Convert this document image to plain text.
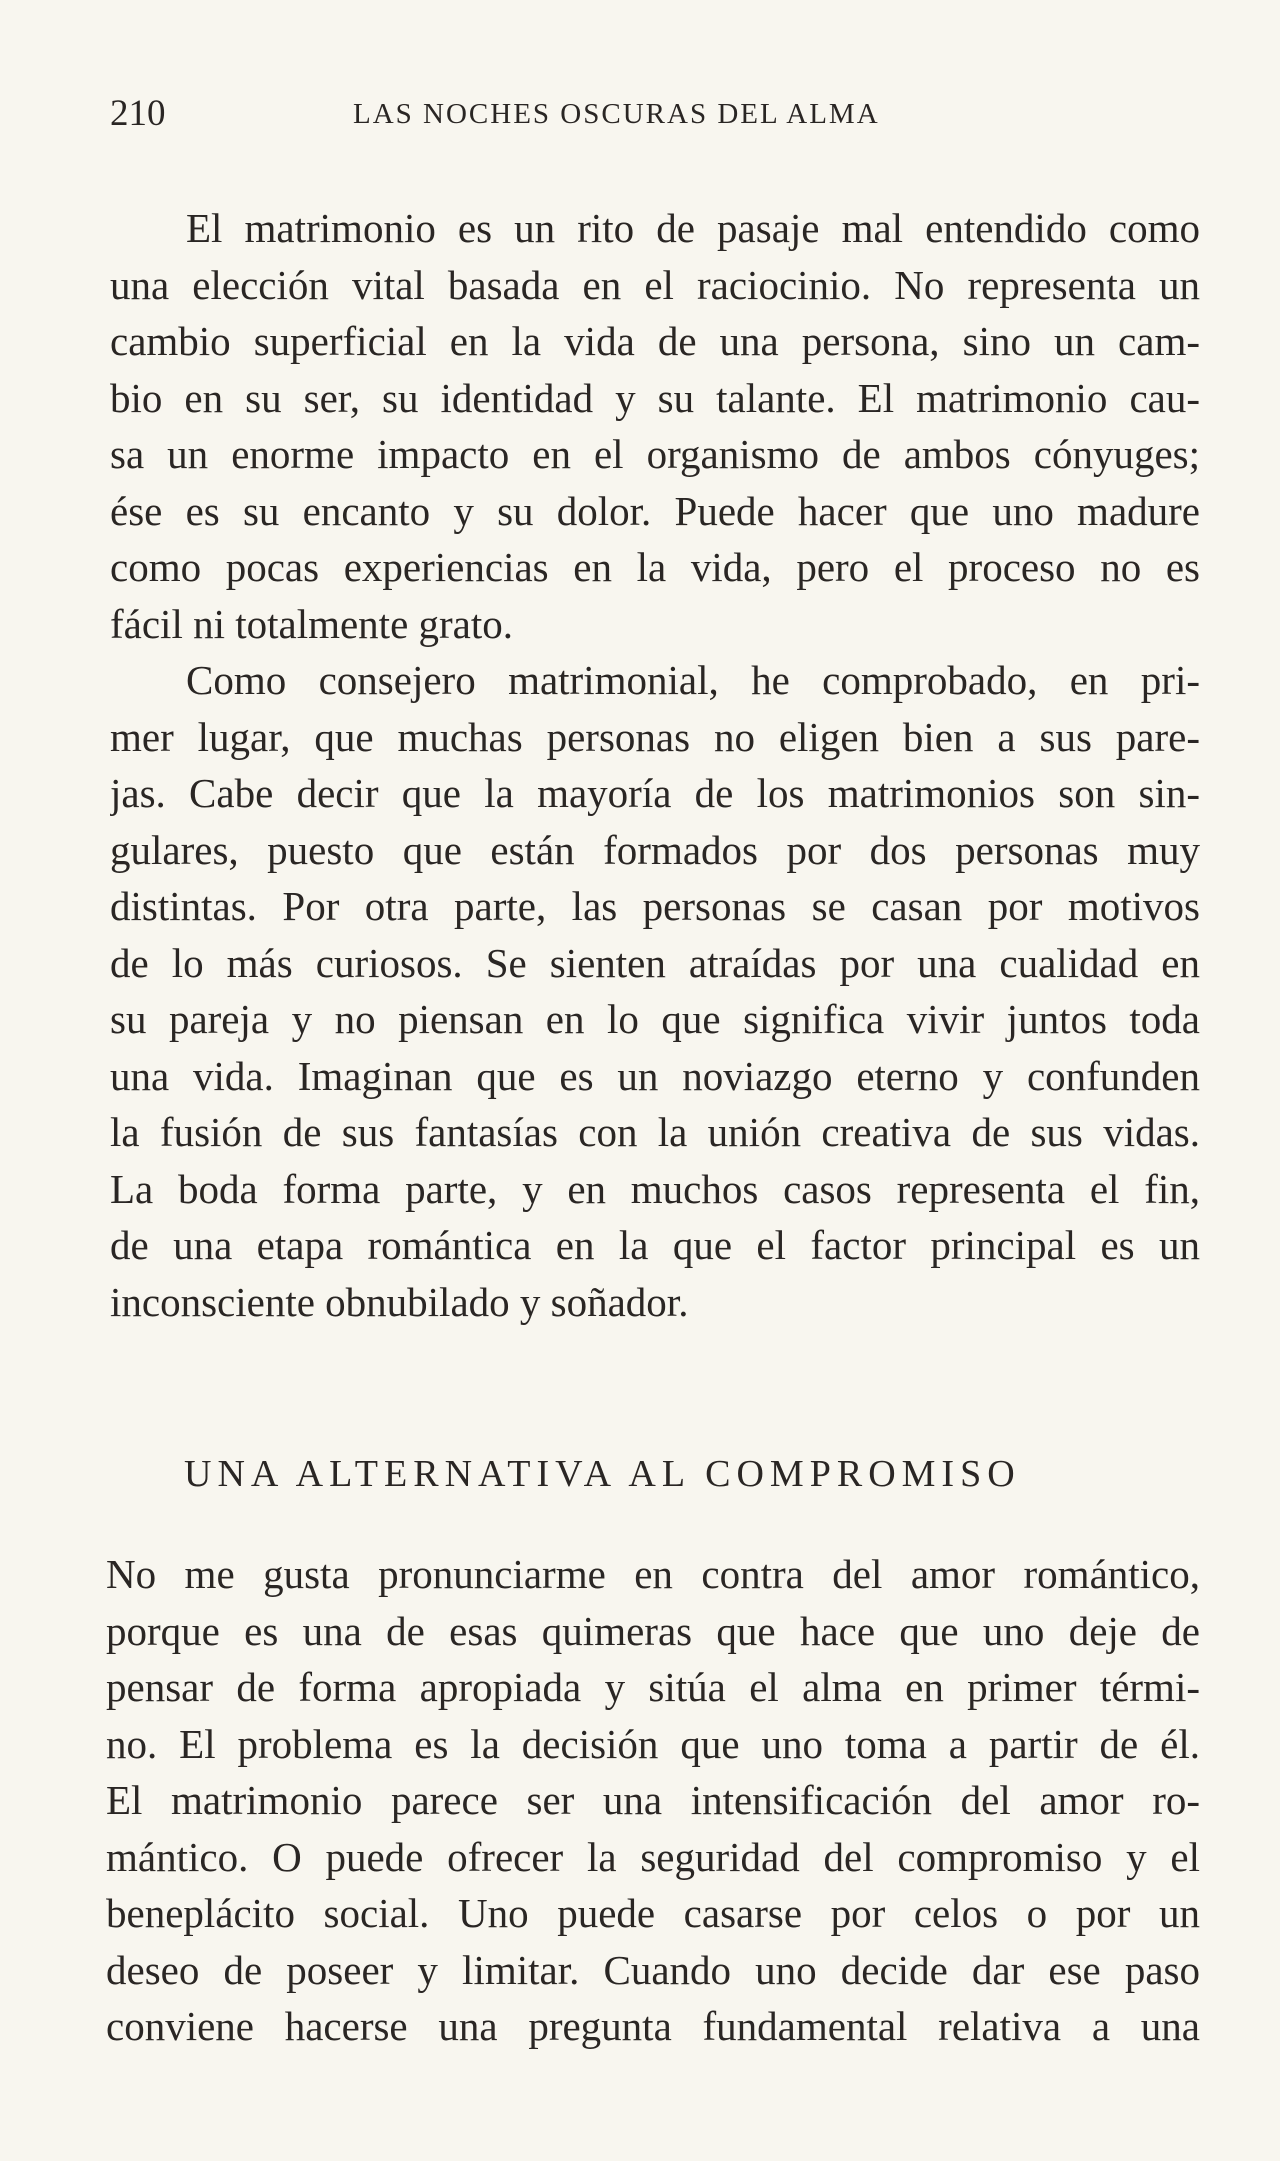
210	LAS NOCHES OSCURAS DEL ALMA
El matrimonio es un rito de pasaje mal entendido como
una elección vital basada en el raciocinio. No representa un
cambio superficial en la vida de una persona, sino un cam-
bio en su ser, su identidad y su talante. El matrimonio cau-
sa un enorme impacto en el organismo de ambos cónyuges;
ése es su encanto y su dolor. Puede hacer que uno madure
como pocas experiencias en la vida, pero el proceso no es
fácil ni totalmente grato.
Como consejero matrimonial, he comprobado, en pri-
mer lugar, que muchas personas no eligen bien a sus pare-
jas. Cabe decir que la mayoría de los matrimonios son sin-
gulares, puesto que están formados por dos personas muy
distintas. Por otra parte, las personas se casan por motivos
de lo más curiosos. Se sienten atraídas por una cualidad en
su pareja y no piensan en lo que significa vivir juntos toda
una vida. Imaginan que es un noviazgo eterno y confunden
la fusión de sus fantasías con la unión creativa de sus vidas.
La boda forma parte, y en muchos casos representa el fin,
de una etapa romántica en la que el factor principal es un
inconsciente obnubilado y soñador.
UNA ALTERNATIVA AL COMPROMISO
No me gusta pronunciarme en contra del amor romántico,
porque es una de esas quimeras que hace que uno deje de
pensar de forma apropiada y sitúa el alma en primer térmi-
no. El problema es la decisión que uno toma a partir de él.
El matrimonio parece ser una intensificación del amor ro-
mántico. O puede ofrecer la seguridad del compromiso y el
beneplácito social. Uno puede casarse por celos o por un
deseo de poseer y limitar. Cuando uno decide dar ese paso
conviene hacerse una pregunta fundamental relativa a una
